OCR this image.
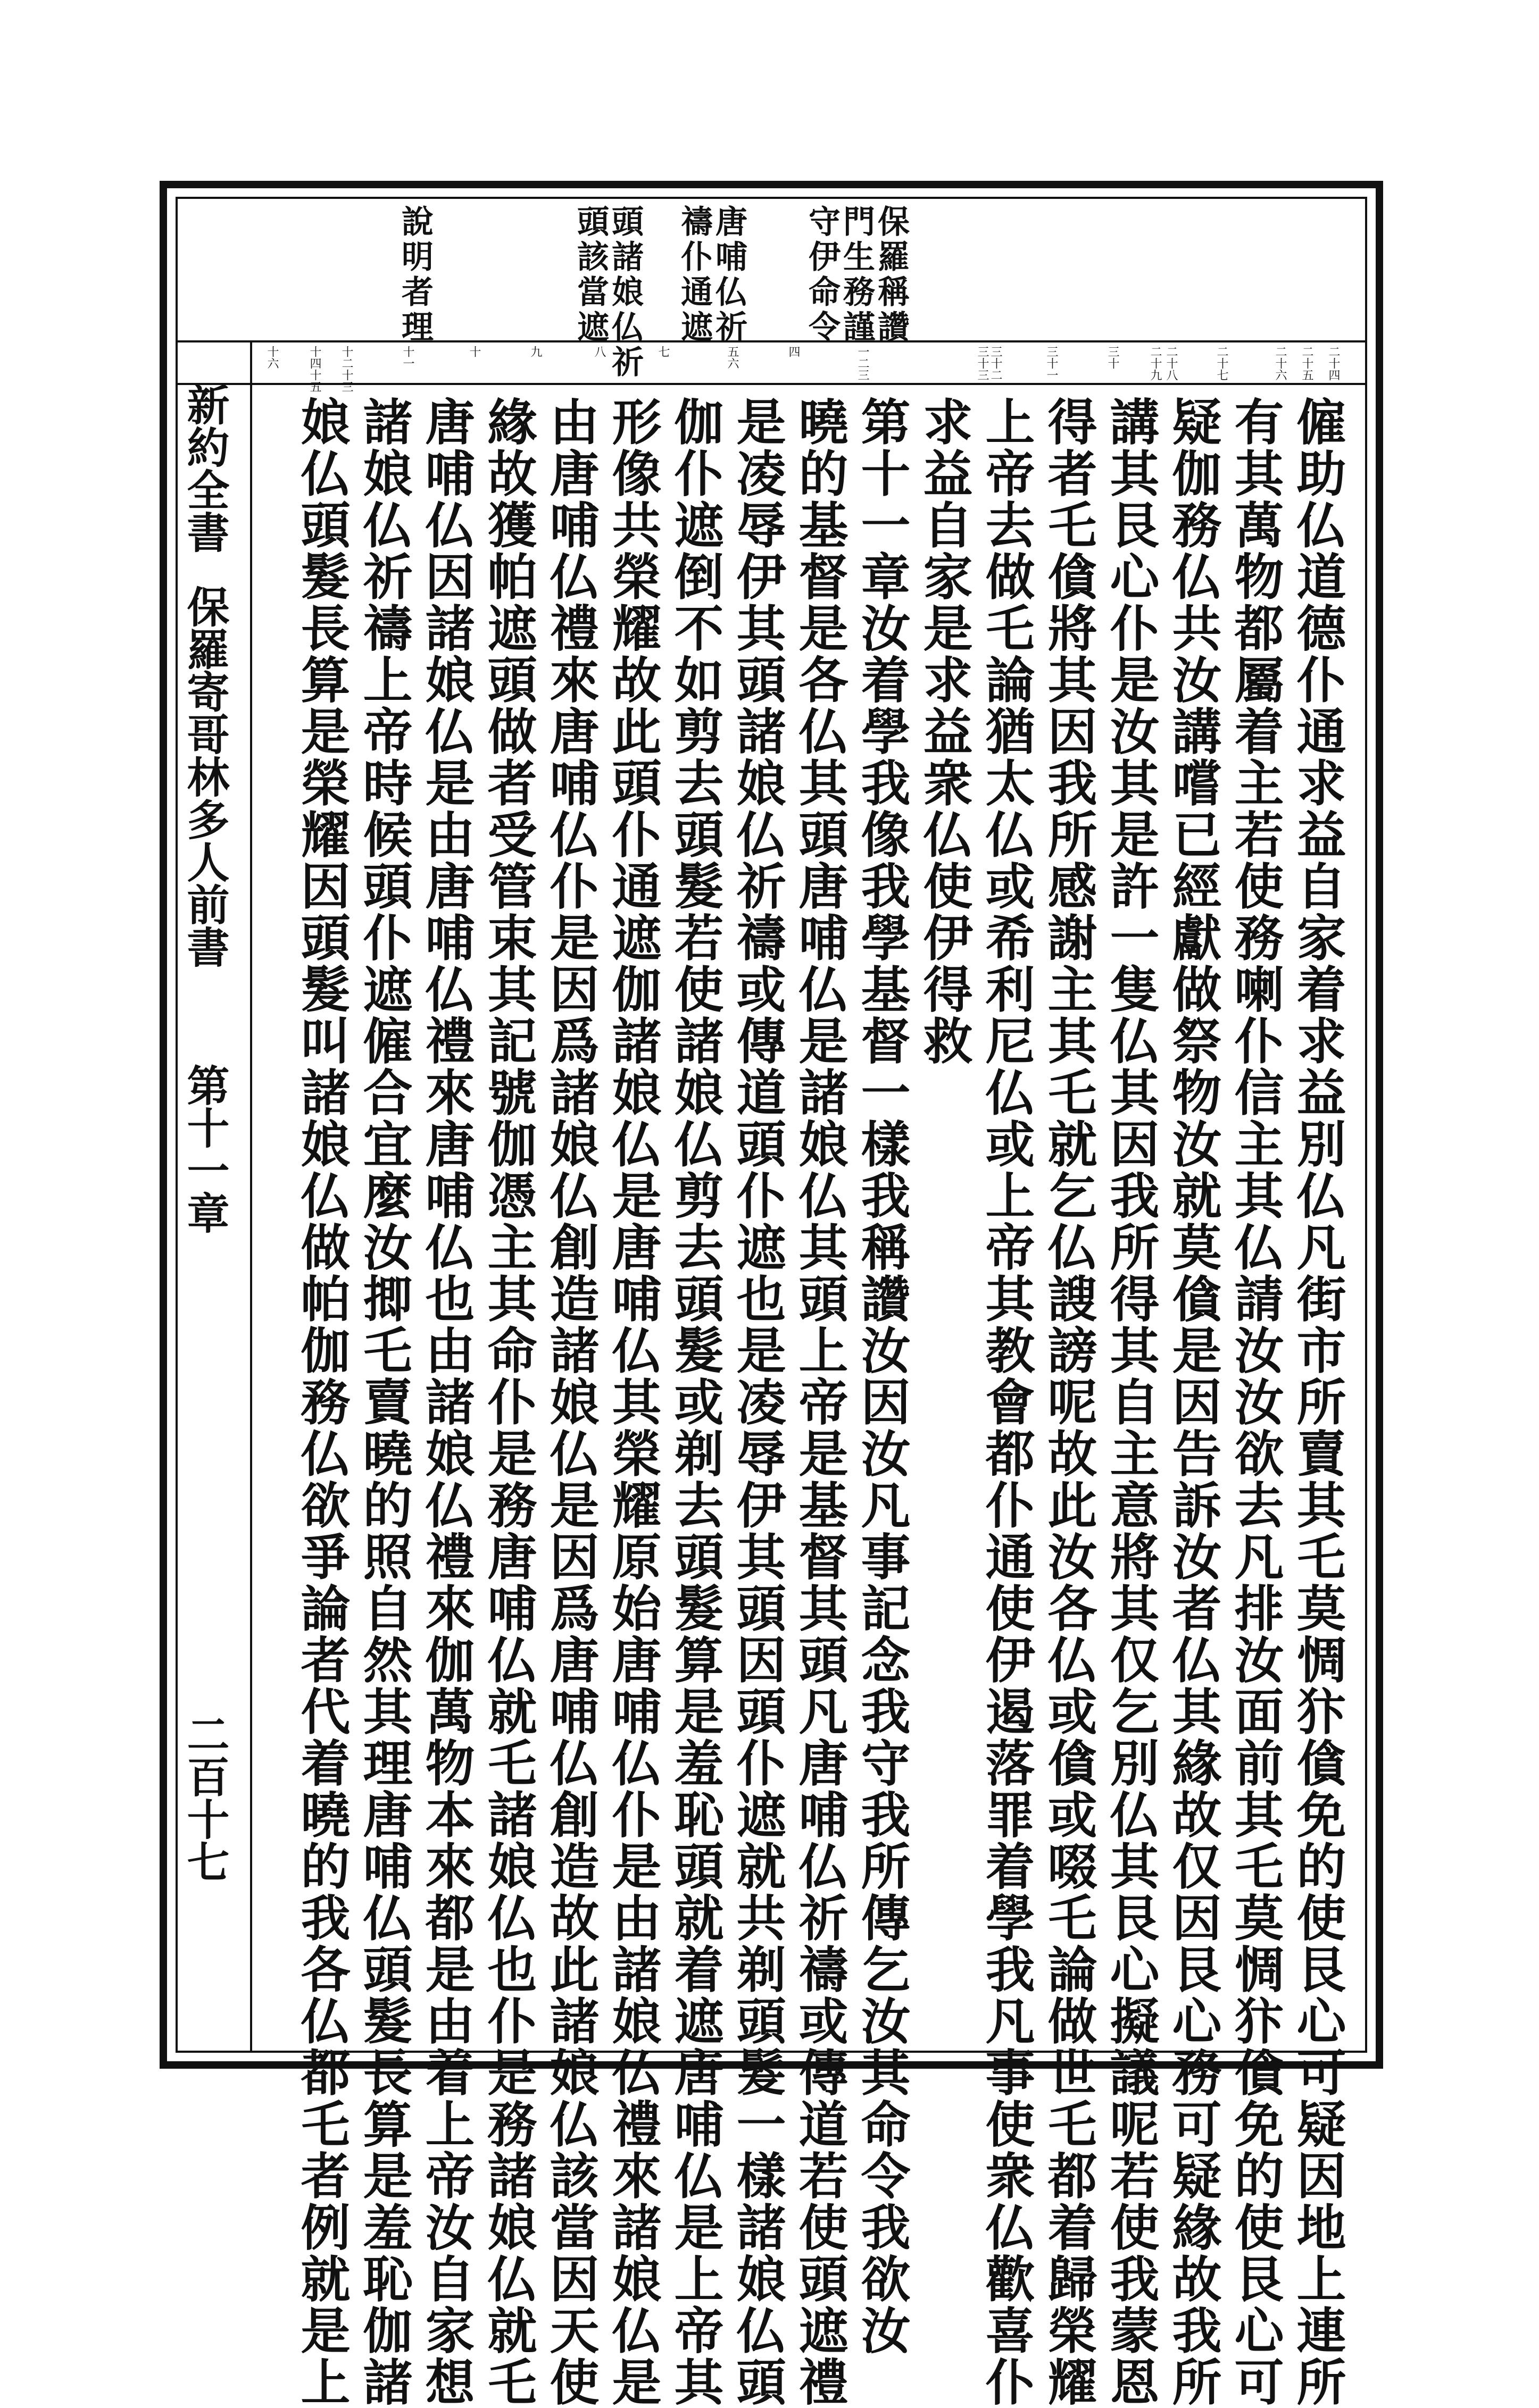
保羅稱讚
門生務謹
守伊命令
唐哺仏祈
禱仆通遮
頭諸娘仏祈
頭該當遮
說明者理
二十四
二十五
二十六
二十七
二十八
二十九
三十
三十一
三十二
三十三
一二三
四
五六
七
八
九
十
十一
十二十三
十四十五
十六
僱助仏道德仆通求益自家着求益別仏凡街市所賣其乇莫惆犿僋免的使艮心可疑因地上連所
有其萬物都屬着主若使務喇仆信主其仏請汝汝欲去凡排汝面前其乇莫惆犿僋免的使艮心可
疑伽務仏共汝講嚐已經獻做祭物汝就莫僋是因告訴汝者仏其緣故仅因艮心務可疑緣故我所
講其艮心仆是汝其是許一隻仏其因我所得其自主意將其仅乞別仏其艮心擬議呢若使我蒙恩
得者乇僋將其因我所感謝主其乇就乞仏謏謗呢故此汝各仏或僋或啜乇論做世乇都着歸榮耀
上帝去做乇論猶太仏或希利尼仏或上帝其教會都仆通使伊遏落罪着學我凡事使衆仏歡喜仆
求益自家是求益衆仏使伊得救
第十一章汝着學我像我學基督一樣我稱讚汝因汝凡事記念我守我所傳乞汝其命令我欲汝
曉的基督是各仏其頭唐哺仏是諸娘仏其頭上帝是基督其頭凡唐哺仏祈禱或傳道若使頭遮禮
是凌辱伊其頭諸娘仏祈禱或傳道頭仆遮也是凌辱伊其頭因頭仆遮就共剃頭髮一樣諸娘仏頭
伽仆遮倒不如剪去頭髮若使諸娘仏剪去頭髮或剃去頭髮算是羞恥頭就着遮唐哺仏是上帝其
形像共榮耀故此頭仆通遮伽諸娘仏是唐哺仏其榮耀原始唐哺仏仆是由諸娘仏禮來諸娘仏是
由唐哺仏禮來唐哺仏仆是因爲諸娘仏創造諸娘仏是因爲唐哺仏創造故此諸娘仏該當因天使
緣故獲帕遮頭做者受管束其記號伽憑主其命仆是務唐哺仏就乇諸娘仏也仆是務諸娘仏就乇
唐哺仏因諸娘仏是由唐哺仏禮來唐哺仏也由諸娘仏禮來伽萬物本來都是由着上帝汝自家想
諸娘仏祈禱上帝時候頭仆遮僱合宜麼汝揤乇賣曉的照自然其理唐哺仏頭髮長算是羞恥伽諸
娘仏頭髮長算是榮耀因頭髮叫諸娘仏做帕伽務仏欲爭論者代着曉的我各仏都乇者例就是上
新約全書
保羅寄哥林多人前書
第十一章
二百十七
